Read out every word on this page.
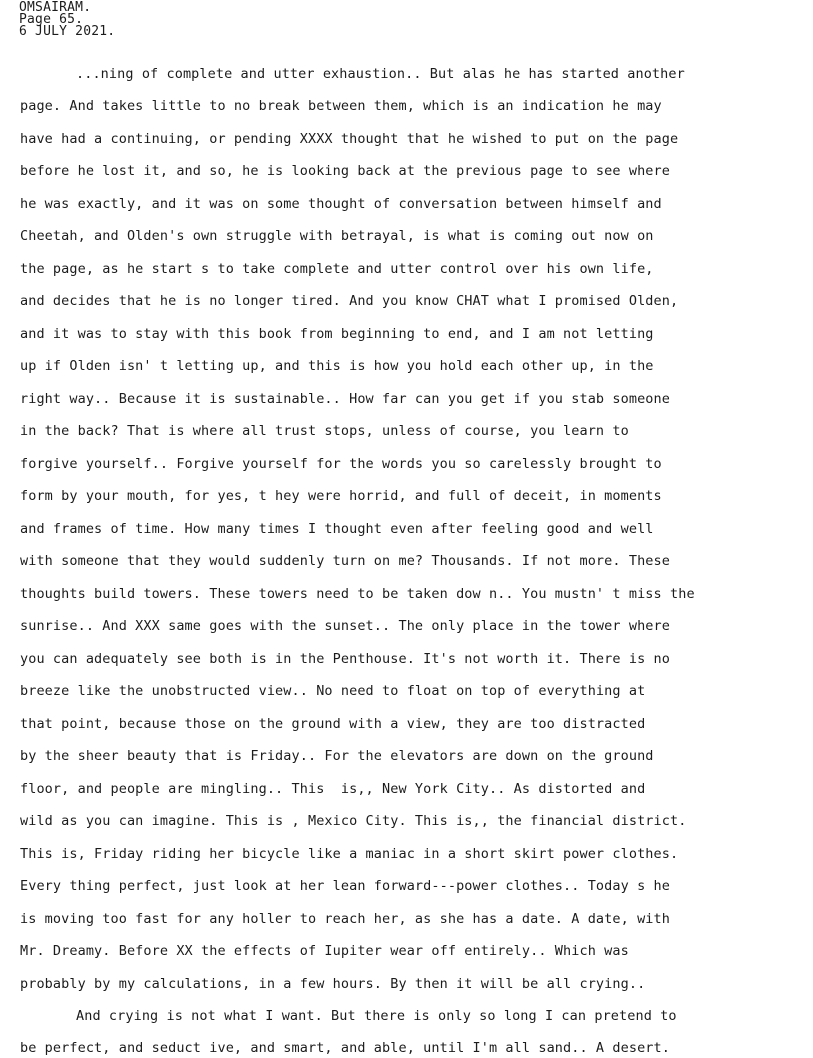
OMSAIRAM.
Page 65.
6 JULY 2021.
...ning of complete and utter exhaustion.. But alas he has started another
page. And takes little to no break between them, which is an indication he may
have had a continuing, or pending XXXX thought that he wished to put on the page
before he lost it, and so, he is looking back at the previous page to see where
he was exactly, and it was on some thought of conversation between himself and
Cheetah, and Olden's own struggle with betrayal, is what is coming out now on
the page, as he start s to take complete and utter control over his own life,
and decides that he is no longer tired. And you know CHAT what I promised Olden,
and it was to stay with this book from beginning to end, and I am not letting
up if Olden isn' t letting up, and this is how you hold each other up, in the
right way.. Because it is sustainable.. How far can you get if you stab someone
in the back? That is where all trust stops, unless of course, you learn to
forgive yourself.. Forgive yourself for the words you so carelessly brought to
form by your mouth, for yes, t hey were horrid, and full of deceit, in moments
and frames of time. How many times I thought even after feeling good and well
with someone that they would suddenly turn on me? Thousands. If not more. These
thoughts build towers. These towers need to be taken dow n.. You mustn' t miss the
sunrise.. And XXX same goes with the sunset.. The only place in the tower where
you can adequately see both is in the Penthouse. It's not worth it. There is no
breeze like the unobstructed view.. No need to float on top of everything at
that point, because those on the ground with a view, they are too distracted
by the sheer beauty that is Friday.. For the elevators are down on the ground
floor, and people are mingling.. This  is,, New York City.. As distorted and
wild as you can imagine. This is , Mexico City. This is,, the financial district.
This is, Friday riding her bicycle like a maniac in a short skirt power clothes.
Every thing perfect, just look at her lean forward---power clothes.. Today s he
is moving too fast for any holler to reach her, as she has a date. A date, with
Mr. Dreamy. Before XX the effects of Iupiter wear off entirely.. Which was
probably by my calculations, in a few hours. By then it will be all crying..
And crying is not what I want. But there is only so long I can pretend to
be perfect, and seduct ive, and smart, and able, until I'm all sand.. A desert.
